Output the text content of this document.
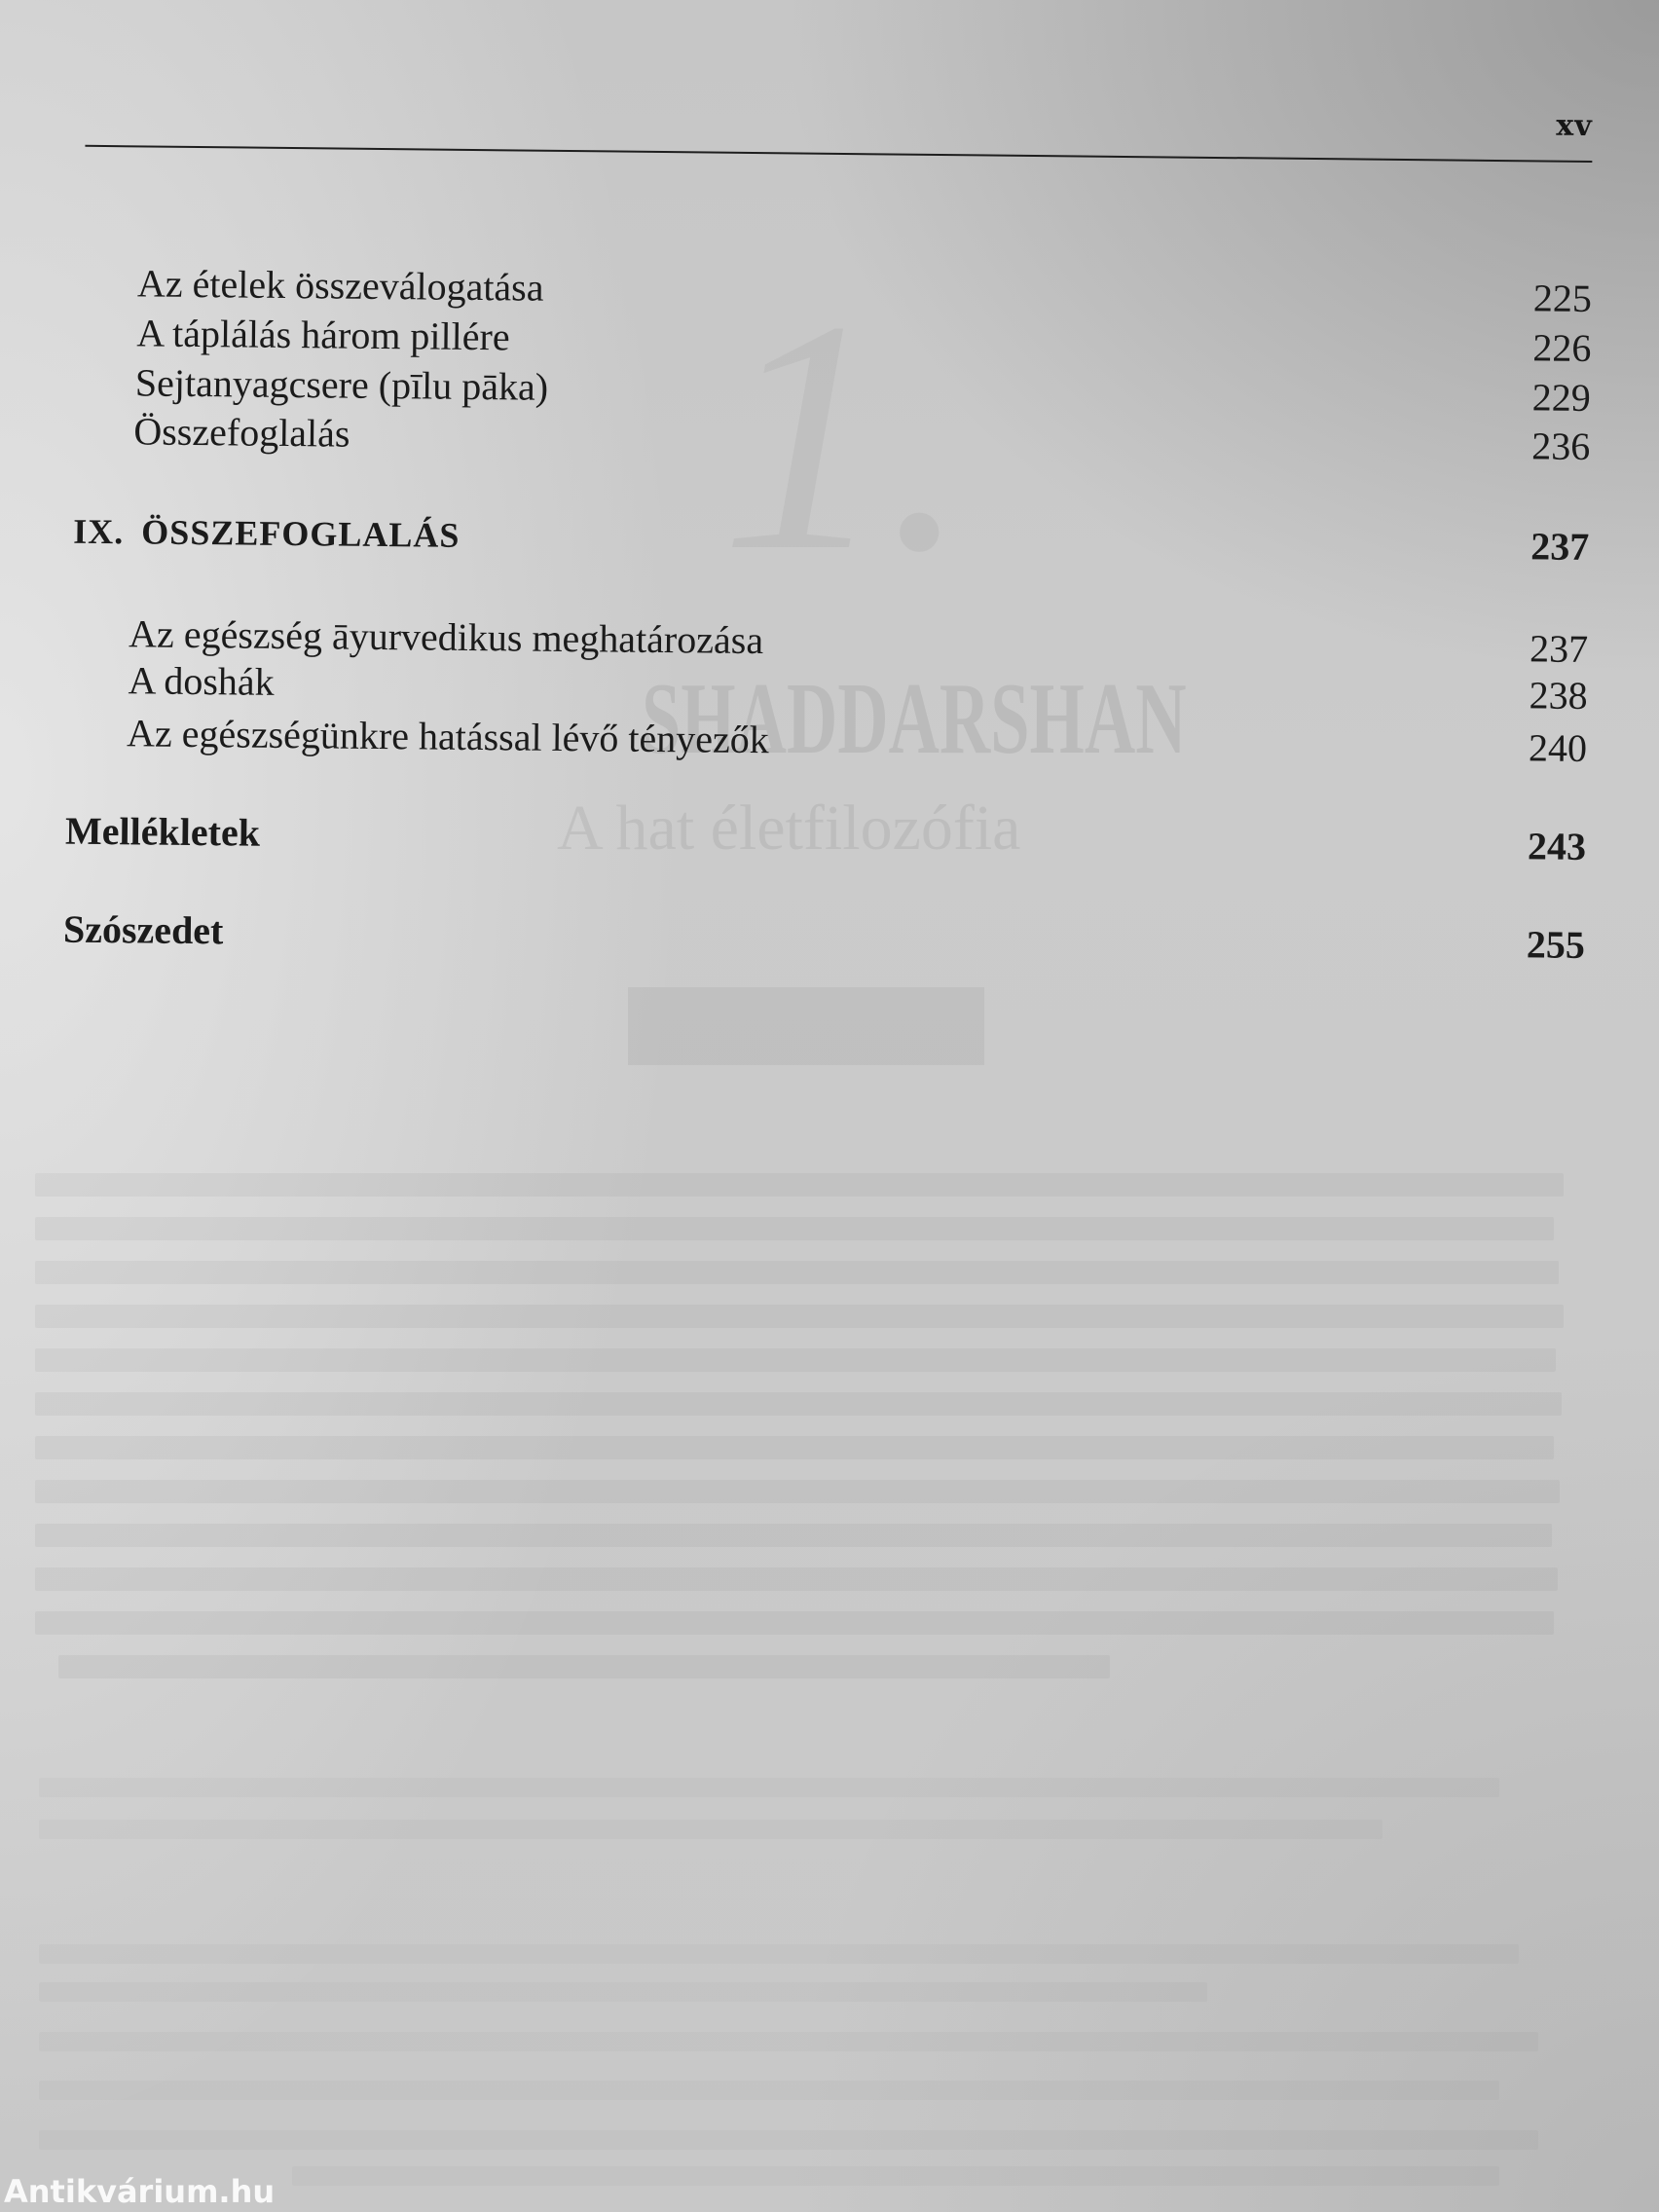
SHADDARSHAN
A hat életfilozófia
xv
Az ételek összeválogatása	225
A táplálás három pillére	226
Sejtanyagcsere (pīlu pāka)	229
Összefoglalás	236
IX. ÖSSZEFOGLALÁS	237
Az egészség āyurvedikus meghatározása	237
A doshák	238
Az egészségünkre hatással lévő tényezők	240
Mellékletek	243
Szószedet	255
Antikvárium.hu
